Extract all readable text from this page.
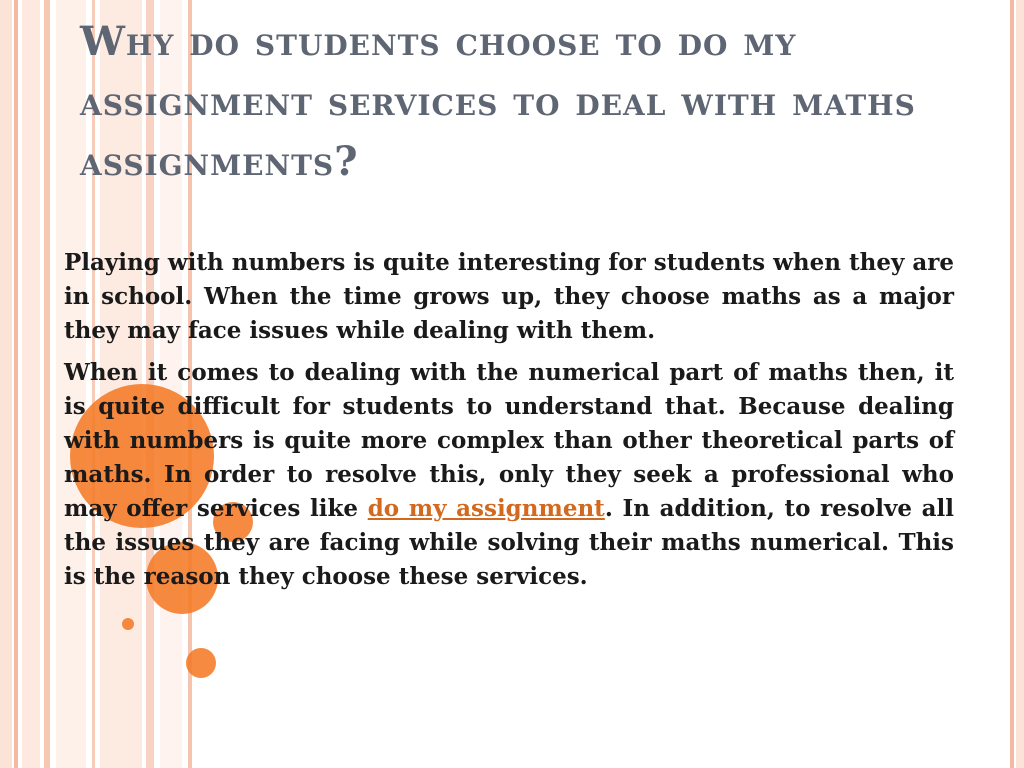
Why do students choose to do my assignment services to deal with maths assignments?

Playing with numbers is quite interesting for students when they are in school. When the time grows up, they choose maths as a major they may face issues while dealing with them.

When it comes to dealing with the numerical part of maths then, it is quite difficult for students to understand that. Because dealing with numbers is quite more complex than other theoretical parts of maths. In order to resolve this, only they seek a professional who may offer services like do my assignment. In addition, to resolve all the issues they are facing while solving their maths numerical. This is the reason they choose these services.
